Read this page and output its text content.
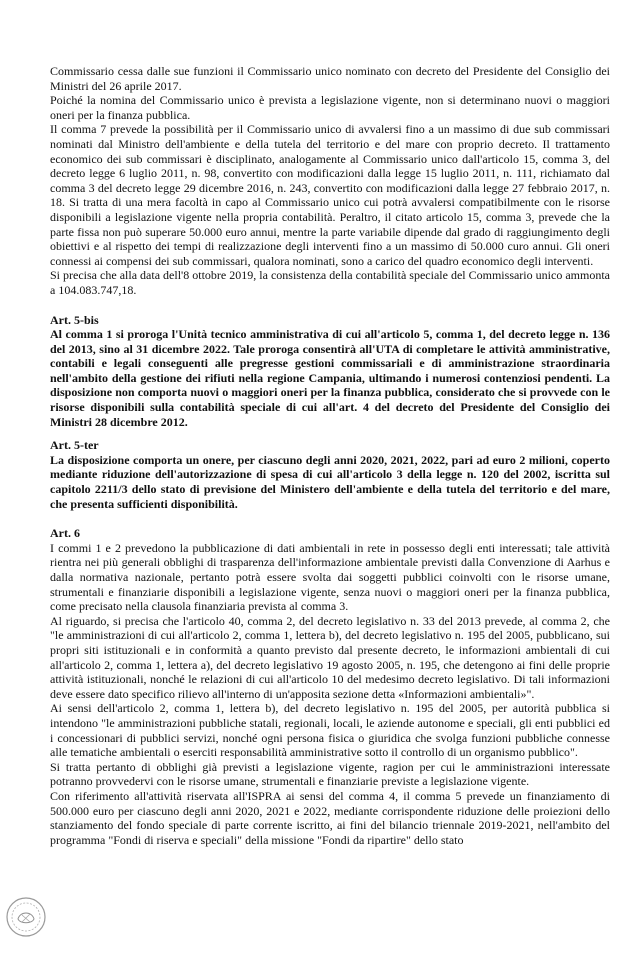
Commissario cessa dalle sue funzioni il Commissario unico nominato con decreto del Presidente del Consiglio dei Ministri del 26 aprile 2017.

Poiché la nomina del Commissario unico è prevista a legislazione vigente, non si determinano nuovi o maggiori oneri per la finanza pubblica.

Il comma 7 prevede la possibilità per il Commissario unico di avvalersi fino a un massimo di due sub commissari nominati dal Ministro dell'ambiente e della tutela del territorio e del mare con proprio decreto. Il trattamento economico dei sub commissari è disciplinato, analogamente al Commissario unico dall'articolo 15, comma 3, del decreto legge 6 luglio 2011, n. 98, convertito con modificazioni dalla legge 15 luglio 2011, n. 111, richiamato dal comma 3 del decreto legge 29 dicembre 2016, n. 243, convertito con modificazioni dalla legge 27 febbraio 2017, n. 18. Si tratta di una mera facoltà in capo al Commissario unico cui potrà avvalersi compatibilmente con le risorse disponibili a legislazione vigente nella propria contabilità. Peraltro, il citato articolo 15, comma 3, prevede che la parte fissa non può superare 50.000 euro annui, mentre la parte variabile dipende dal grado di raggiungimento degli obiettivi e al rispetto dei tempi di realizzazione degli interventi fino a un massimo di 50.000 curo annui. Gli oneri connessi ai compensi dei sub commissari, qualora nominati, sono a carico del quadro economico degli interventi.

Si precisa che alla data dell'8 ottobre 2019, la consistenza della contabilità speciale del Commissario unico ammonta a 104.083.747,18.

Art. 5-bis

Al comma 1 si proroga l'Unità tecnico amministrativa di cui all'articolo 5, comma 1, del decreto legge n. 136 del 2013, sino al 31 dicembre 2022. Tale proroga consentirà all'UTA di completare le attività amministrative, contabili e legali conseguenti alle pregresse gestioni commissariali e di amministrazione straordinaria nell'ambito della gestione dei rifiuti nella regione Campania, ultimando i numerosi contenziosi pendenti. La disposizione non comporta nuovi o maggiori oneri per la finanza pubblica, considerato che si provvede con le risorse disponibili sulla contabilità speciale di cui all'art. 4 del decreto del Presidente del Consiglio dei Ministri 28 dicembre 2012.

Art. 5-ter

La disposizione comporta un onere, per ciascuno degli anni 2020, 2021, 2022, pari ad euro 2 milioni, coperto mediante riduzione dell'autorizzazione di spesa di cui all'articolo 3 della legge n. 120 del 2002, iscritta sul capitolo 2211/3 dello stato di previsione del Ministero dell'ambiente e della tutela del territorio e del mare, che presenta sufficienti disponibilità.

Art. 6

I commi 1 e 2 prevedono la pubblicazione di dati ambientali in rete in possesso degli enti interessati; tale attività rientra nei più generali obblighi di trasparenza dell'informazione ambientale previsti dalla Convenzione di Aarhus e dalla normativa nazionale, pertanto potrà essere svolta dai soggetti pubblici coinvolti con le risorse umane, strumentali e finanziarie disponibili a legislazione vigente, senza nuovi o maggiori oneri per la finanza pubblica, come precisato nella clausola finanziaria prevista al comma 3.

Al riguardo, si precisa che l'articolo 40, comma 2, del decreto legislativo n. 33 del 2013 prevede, al comma 2, che "le amministrazioni di cui all'articolo 2, comma 1, lettera b), del decreto legislativo n. 195 del 2005, pubblicano, sui propri siti istituzionali e in conformità a quanto previsto dal presente decreto, le informazioni ambientali di cui all'articolo 2, comma 1, lettera a), del decreto legislativo 19 agosto 2005, n. 195, che detengono ai fini delle proprie attività istituzionali, nonché le relazioni di cui all'articolo 10 del medesimo decreto legislativo. Di tali informazioni deve essere dato specifico rilievo all'interno di un'apposita sezione detta «Informazioni ambientali»".

Ai sensi dell'articolo 2, comma 1, lettera b), del decreto legislativo n. 195 del 2005, per autorità pubblica si intendono "le amministrazioni pubbliche statali, regionali, locali, le aziende autonome e speciali, gli enti pubblici ed i concessionari di pubblici servizi, nonché ogni persona fisica o giuridica che svolga funzioni pubbliche connesse alle tematiche ambientali o eserciti responsabilità amministrative sotto il controllo di un organismo pubblico".

Si tratta pertanto di obblighi già previsti a legislazione vigente, ragion per cui le amministrazioni interessate potranno provvedervi con le risorse umane, strumentali e finanziarie previste a legislazione vigente.

Con riferimento all'attività riservata all'ISPRA ai sensi del comma 4, il comma 5 prevede un finanziamento di 500.000 euro per ciascuno degli anni 2020, 2021 e 2022, mediante corrispondente riduzione delle proiezioni dello stanziamento del fondo speciale di parte corrente iscritto, ai fini del bilancio triennale 2019-2021, nell'ambito del programma "Fondi di riserva e speciali" della missione "Fondi da ripartire" dello stato
